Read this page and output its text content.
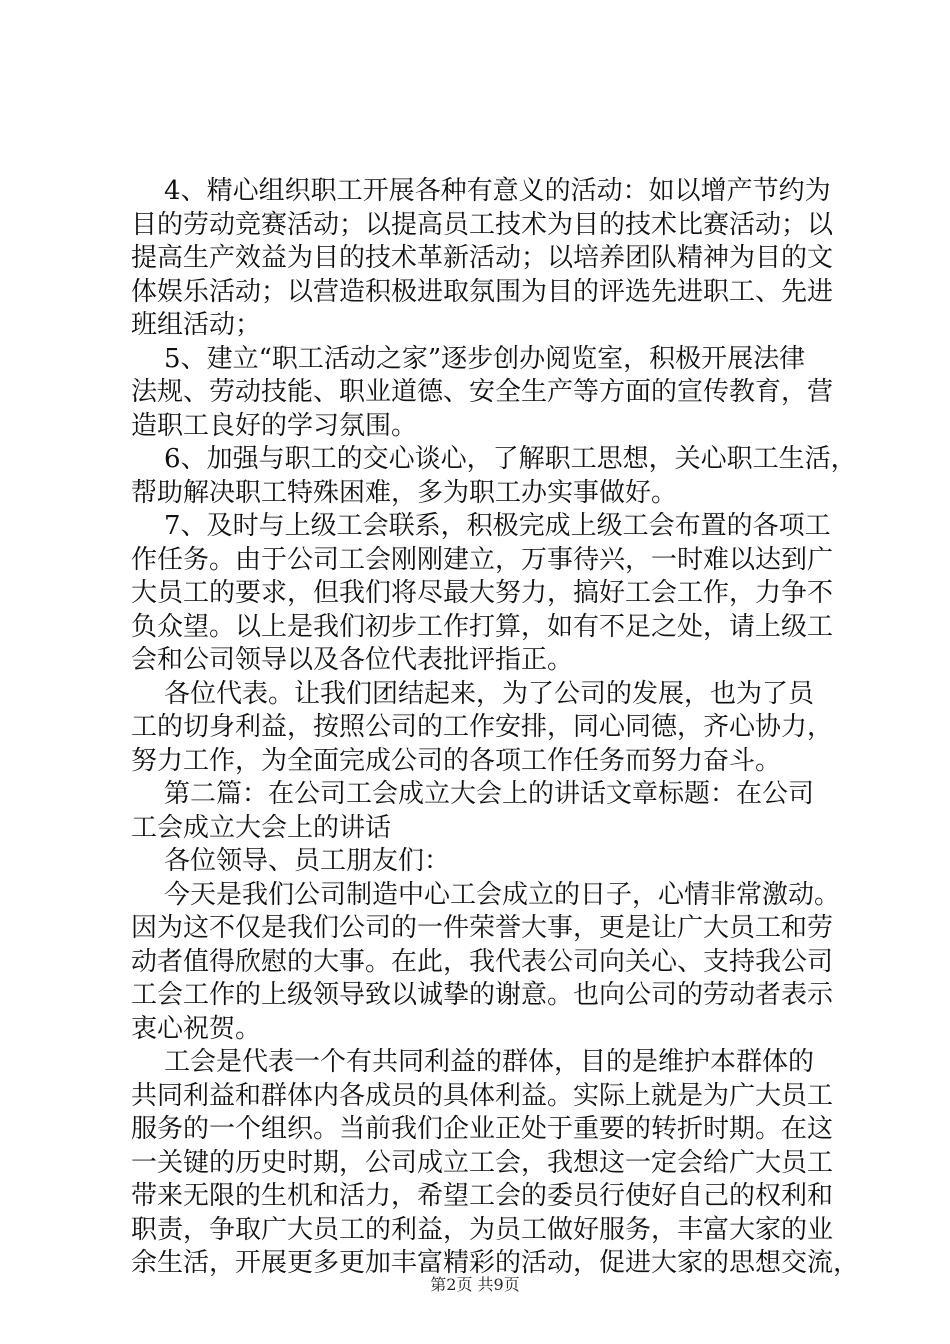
4、精心组织职工开展各种有意义的活动：如以增产节约为
目的劳动竞赛活动；以提高员工技术为目的技术比赛活动；以
提高生产效益为目的技术革新活动；以培养团队精神为目的文
体娱乐活动；以营造积极进取氛围为目的评选先进职工、先进
班组活动；
5、建立“职工活动之家”逐步创办阅览室，积极开展法律
法规、劳动技能、职业道德、安全生产等方面的宣传教育，营
造职工良好的学习氛围。
6、加强与职工的交心谈心，了解职工思想，关心职工生活，
帮助解决职工特殊困难，多为职工办实事做好。
7、及时与上级工会联系，积极完成上级工会布置的各项工
作任务。由于公司工会刚刚建立，万事待兴，一时难以达到广
大员工的要求，但我们将尽最大努力，搞好工会工作，力争不
负众望。以上是我们初步工作打算，如有不足之处，请上级工
会和公司领导以及各位代表批评指正。
各位代表。让我们团结起来，为了公司的发展，也为了员
工的切身利益，按照公司的工作安排，同心同德，齐心协力，
努力工作，为全面完成公司的各项工作任务而努力奋斗。
第二篇：在公司工会成立大会上的讲话文章标题：在公司
工会成立大会上的讲话
各位领导、员工朋友们：
今天是我们公司制造中心工会成立的日子，心情非常激动。
因为这不仅是我们公司的一件荣誉大事，更是让广大员工和劳
动者值得欣慰的大事。在此，我代表公司向关心、支持我公司
工会工作的上级领导致以诚挚的谢意。也向公司的劳动者表示
衷心祝贺。
工会是代表一个有共同利益的群体，目的是维护本群体的
共同利益和群体内各成员的具体利益。实际上就是为广大员工
服务的一个组织。当前我们企业正处于重要的转折时期。在这
一关键的历史时期，公司成立工会，我想这一定会给广大员工
带来无限的生机和活力，希望工会的委员行使好自己的权利和
职责，争取广大员工的利益，为员工做好服务，丰富大家的业
余生活，开展更多更加丰富精彩的活动，促进大家的思想交流，
第2页 共9页
